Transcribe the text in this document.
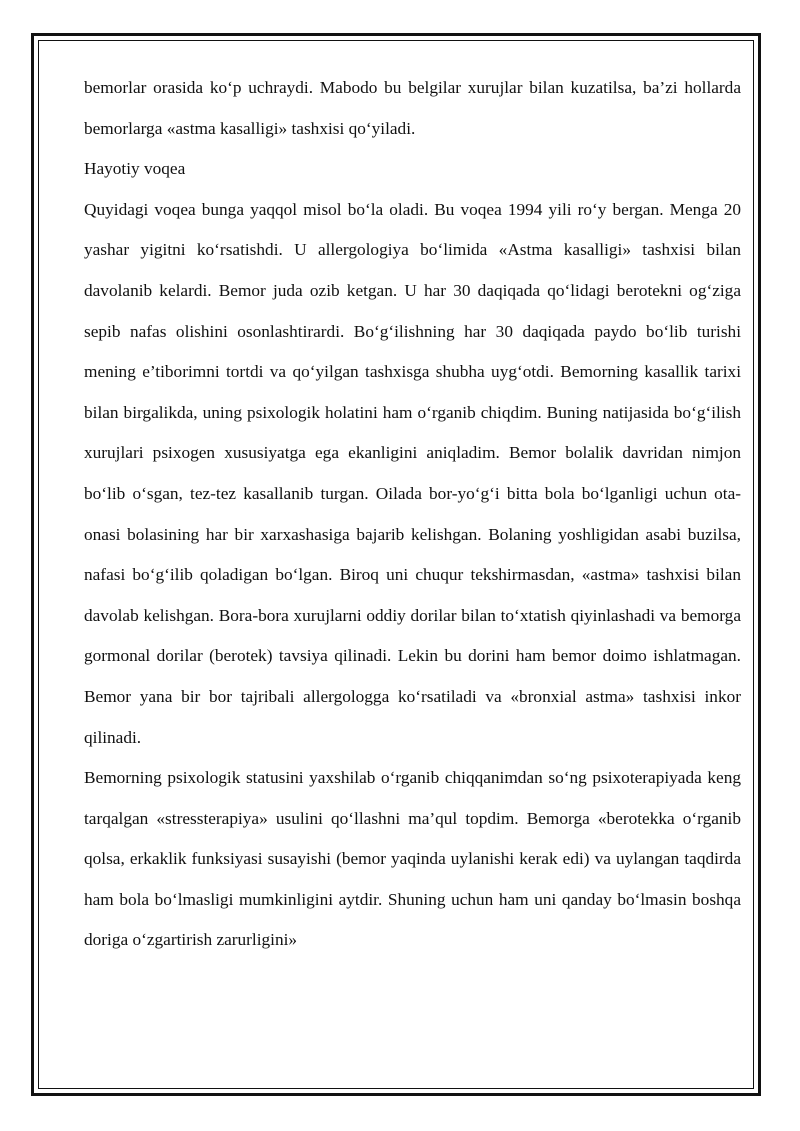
bemorlar orasida ko‘p uchraydi. Mabodo bu belgilar xurujlar bilan kuzatilsa, ba’zi hollarda bemorlarga «astma kasalligi» tashxisi qo‘yiladi.

Hayotiy voqea

Quyidagi voqea bunga yaqqol misol bo‘la oladi. Bu voqea 1994 yili ro‘y bergan. Menga 20 yashar yigitni ko‘rsatishdi. U allergologiya bo‘limida «Astma kasalligi» tashxisi bilan davolanib kelardi. Bemor juda ozib ketgan. U har 30 daqiqada qo‘lidagi berotekni og‘ziga sepib nafas olishini osonlashtirardi. Bo‘g‘ilishning har 30 daqiqada paydo bo‘lib turishi mening e’tiborimni tortdi va qo‘yilgan tashxisga shubha uyg‘otdi. Bemorning kasallik tarixi bilan birgalikda, uning psixologik holatini ham o‘rganib chiqdim. Buning natijasida bo‘g‘ilish xurujlari psixogen xususiyatga ega ekanligini aniqladim. Bemor bolalik davridan nimjon bo‘lib o‘sgan, tez-tez kasallanib turgan. Oilada bor-yo‘g‘i bitta bola bo‘lganligi uchun ota-onasi bolasining har bir xarxashasiga bajarib kelishgan. Bolaning yoshligidan asabi buzilsa, nafasi bo‘g‘ilib qoladigan bo‘lgan. Biroq uni chuqur tekshirmasdan, «astma» tashxisi bilan davolab kelishgan. Bora-bora xurujlarni oddiy dorilar bilan to‘xtatish qiyinlashadi va bemorga gormonal dorilar (berotek) tavsiya qilinadi. Lekin bu dorini ham bemor doimo ishlatmagan. Bemor yana bir bor tajribali allergologga ko‘rsatiladi va «bronxial astma» tashxisi inkor qilinadi.

Bemorning psixologik statusini yaxshilab o‘rganib chiqqanimdan so‘ng psixoterapiyada keng tarqalgan «stressterapiya» usulini qo‘llashni ma’qul topdim. Bemorga «berotekka o‘rganib qolsa, erkaklik funksiyasi susayishi (bemor yaqinda uylanishi kerak edi) va uylangan taqdirda ham bola bo‘lmasligi mumkinligini aytdir. Shuning uchun ham uni qanday bo‘lmasin boshqa doriga o‘zgartirish zarurligini»
